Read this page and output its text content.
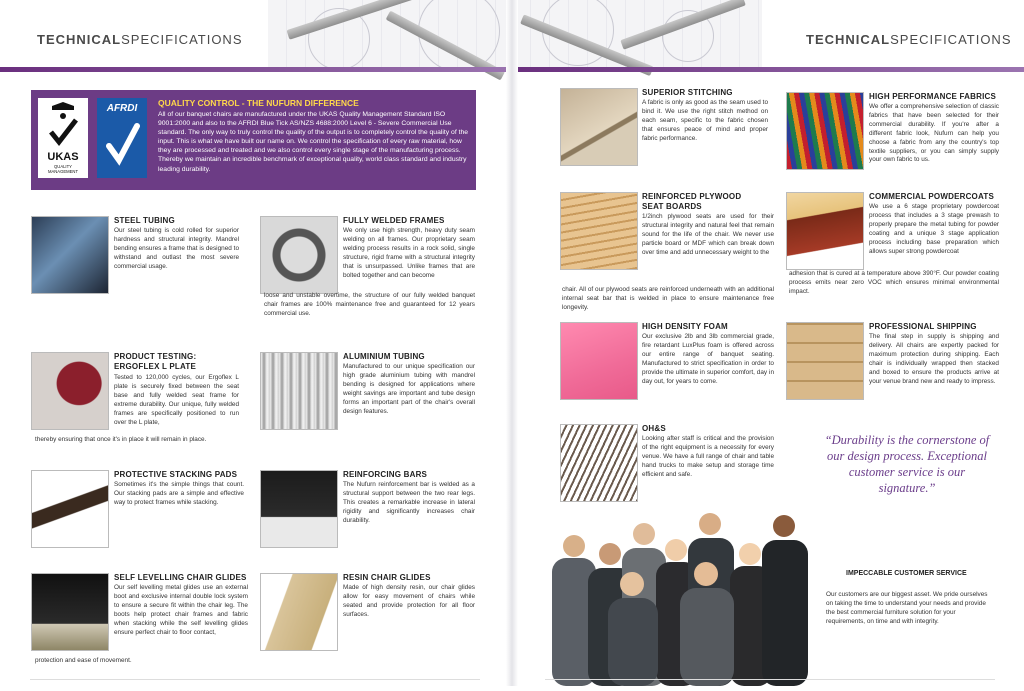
TECHNICALSPECIFICATIONS
UKAS
QUALITY
MANAGEMENT
AFRDI QUALITY CONTROL - THE NUFURN DIFFERENCE
All of our banquet chairs are manufactured under the UKAS Quality Management Standard ISO 9001:2000 and also to the AFRDI Blue Tick AS/NZS 4688:2000 Level 6 - Severe Commercial Use standard. The only way to truly control the quality of the output is to completely control the quality of the input. This is what we have built our name on. We control the specification of every raw material, how they are processed and treated and we also control every single stage of the manufacturing process. Thereby we maintain an incredible benchmark of exceptional quality, world class standard and industry leading durability.
STEEL TUBING
Our steel tubing is cold rolled for superior hardness and structural integrity. Mandrel bending ensures a frame that is designed to withstand and outlast the most severe commercial usage.
FULLY WELDED FRAMES
We only use high strength, heavy duty seam welding on all frames. Our proprietary seam welding process results in a rock solid, single structure, rigid frame with a structural integrity that is unsurpassed. Unlike frames that are bolted together and can become
loose and unstable overtime, the structure of our fully welded banquet chair frames are 100% maintenance free and guaranteed for 12 years commercial use.
PRODUCT TESTING:
ERGOFLEX L PLATE
Tested to 120,000 cycles, our Ergoflex L plate is securely fixed between the seat base and fully welded seat frame for extreme durability. Our unique, fully welded frames are specifically positioned to run over the L plate,
thereby ensuring that once it's in place it will remain in place.
ALUMINIUM TUBING
Manufactured to our unique specification our high grade aluminium tubing with mandrel bending is designed for applications where weight savings are important and tube design forms an important part of the chair's overall design features.
PROTECTIVE STACKING PADS
Sometimes it's the simple things that count. Our stacking pads are a simple and effective way to protect frames while stacking.
REINFORCING BARS
The Nufurn reinforcement bar is welded as a structural support between the two rear legs. This creates a remarkable increase in lateral rigidity and significantly increases chair durability.
SELF LEVELLING CHAIR GLIDES
Our self levelling metal glides use an external boot and exclusive internal double lock system to ensure a secure fit within the chair leg. The boots help protect chair frames and fabric when stacking while the self levelling glides ensure perfect chair to floor contact,
protection and ease of movement.
RESIN CHAIR GLIDES
Made of high density resin, our chair glides allow for easy movement of chairs while seated and provide protection for all floor surfaces.
TECHNICALSPECIFICATIONS
SUPERIOR STITCHING
A fabric is only as good as the seam used to bind it. We use the right stitch method on each seam, specific to the fabric chosen that ensures peace of mind and proper fabric performance.
HIGH PERFORMANCE FABRICS
We offer a comprehensive selection of classic fabrics that have been selected for their commercial durability. If you're after a different fabric look, Nufurn can help you choose a fabric from any the country's top textile suppliers, or you can simply supply your own fabric to us.
REINFORCED PLYWOOD
SEAT BOARDS
1/2inch plywood seats are used for their structural integrity and natural feel that remain sound for the life of the chair. We never use particle board or MDF which can break down over time and add unnecessary weight to the
chair. All of our plywood seats are reinforced underneath with an additional internal seat bar that is welded in place to ensure maintenance free longevity.
COMMERCIAL POWDERCOATS
We use a 6 stage proprietary powdercoat process that includes a 3 stage prewash to properly prepare the metal tubing for powder coating and a unique 3 stage application process including base preparation which allows super strong powdercoat
adhesion that is cured at a temperature above 390°F. Our powder coating process emits near zero VOC which ensures minimal environmental impact.
HIGH DENSITY FOAM
Our exclusive 2lb and 3lb commercial grade, fire retardant LuxPlus foam is offered across our entire range of banquet seating. Manufactured to strict specification in order to provide the ultimate in superior comfort, day in day out, for years to come.
PROFESSIONAL SHIPPING
The final step in supply is shipping and delivery. All chairs are expertly packed for maximum protection during shipping. Each chair is individually wrapped then stacked and boxed to ensure the products arrive at your venue brand new and ready to impress.
OH&S
Looking after staff is critical and the provision of the right equipment is a necessity for every venue. We have a full range of chair and table hand trucks to make setup and storage time efficient and safe.
“Durability is the cornerstone of our design process. Exceptional customer service is our signature.”
IMPECCABLE CUSTOMER SERVICE
Our customers are our biggest asset. We pride ourselves on taking the time to understand your needs and provide the best commercial furniture solution for your requirements, on time and with integrity.
